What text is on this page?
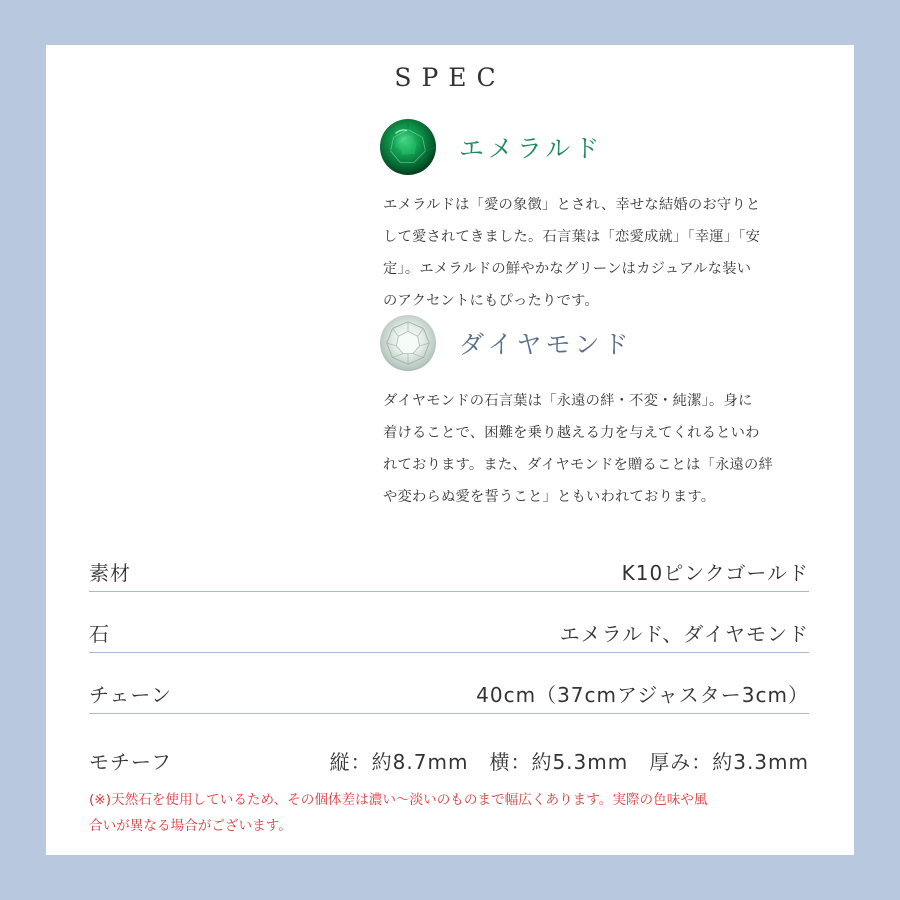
SPEC
エメラルド
エメラルドは「愛の象徴」とされ、幸せな結婚のお守りと
して愛されてきました。石言葉は「恋愛成就」「幸運」「安
定」。エメラルドの鮮やかなグリーンはカジュアルな装い
のアクセントにもぴったりです。
ダイヤモンド
ダイヤモンドの石言葉は「永遠の絆・不変・純潔」。身に
着けることで、困難を乗り越える力を与えてくれるといわ
れております。また、ダイヤモンドを贈ることは「永遠の絆
や変わらぬ愛を誓うこと」ともいわれております。
素材	K10ピンクゴールド
石	エメラルド、ダイヤモンド
チェーン	40cm（37cmアジャスター3cm）
モチーフ	縦：約8.7mm　横：約5.3mm　厚み：約3.3mm
(※)天然石を使用しているため、その個体差は濃い～淡いのものまで幅広くあります。実際の色味や風
合いが異なる場合がございます。
